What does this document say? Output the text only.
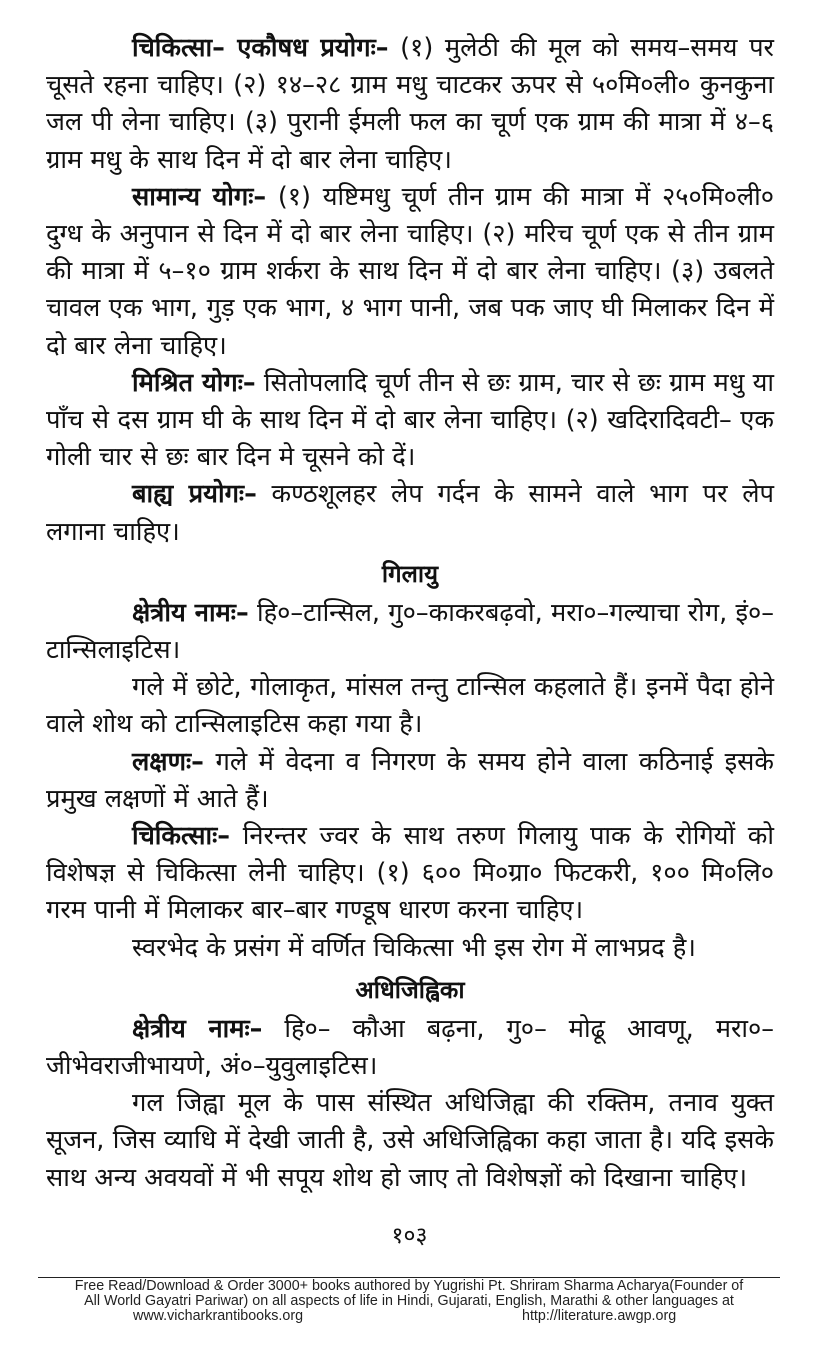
चिकित्सा– एकौषध प्रयोगः– (१) मुलेठी की मूल को समय–समय पर चूसते रहना चाहिए। (२) १४–२८ ग्राम मधु चाटकर ऊपर से ५०मि०ली० कुनकुना जल पी लेना चाहिए। (३) पुरानी ईमली फल का चूर्ण एक ग्राम की मात्रा में ४–६ ग्राम मधु के साथ दिन में दो बार लेना चाहिए।

सामान्य योगः– (१) यष्टिमधु चूर्ण तीन ग्राम की मात्रा में २५०मि०ली० दुग्ध के अनुपान से दिन में दो बार लेना चाहिए। (२) मरिच चूर्ण एक से तीन ग्राम की मात्रा में ५–१० ग्राम शर्करा के साथ दिन में दो बार लेना चाहिए। (३) उबलते चावल एक भाग, गुड़ एक भाग, ४ भाग पानी, जब पक जाए घी मिलाकर दिन में दो बार लेना चाहिए।

मिश्रित योगः– सितोपलादि चूर्ण तीन से छः ग्राम, चार से छः ग्राम मधु या पाँच से दस ग्राम घी के साथ दिन में दो बार लेना चाहिए। (२) खदिरादिवटी– एक गोली चार से छः बार दिन मे चूसने को दें।

बाह्य प्रयोगः– कण्ठशूलहर लेप गर्दन के सामने वाले भाग पर लेप लगाना चाहिए।

गिलायु

क्षेत्रीय नामः– हि०–टान्सिल, गु०–काकरबढ़वो, मरा०–गल्याचा रोग, इं०–टान्सिलाइटिस।

गले में छोटे, गोलाकृत, मांसल तन्तु टान्सिल कहलाते हैं। इनमें पैदा होने वाले शोथ को टान्सिलाइटिस कहा गया है।

लक्षणः– गले में वेदना व निगरण के समय होने वाला कठिनाई इसके प्रमुख लक्षणों में आते हैं।

चिकित्साः– निरन्तर ज्वर के साथ तरुण गिलायु पाक के रोगियों को विशेषज्ञ से चिकित्सा लेनी चाहिए। (१) ६०० मि०ग्रा० फिटकरी, १०० मि०लि० गरम पानी में मिलाकर बार–बार गण्डूष धारण करना चाहिए।

स्वरभेद के प्रसंग में वर्णित चिकित्सा भी इस रोग में लाभप्रद है।

अधिजिह्विका

क्षेत्रीय नामः– हि०– कौआ बढ़ना, गु०– मोढू आवणू, मरा०– जीभेवराजीभायणे, अं०–युवुलाइटिस।

गल जिह्वा मूल के पास संस्थित अधिजिह्वा की रक्तिम, तनाव युक्त सूजन, जिस व्याधि में देखी जाती है, उसे अधिजिह्विका कहा जाता है। यदि इसके साथ अन्य अवयवों में भी सपूय शोथ हो जाए तो विशेषज्ञों को दिखाना चाहिए।

१०३
Free Read/Download & Order 3000+ books authored by Yugrishi Pt. Shriram Sharma Acharya(Founder of
All World Gayatri Pariwar) on all aspects of life in Hindi, Gujarati, English, Marathi & other languages at
www.vicharkrantibooks.org	http://literature.awgp.org
